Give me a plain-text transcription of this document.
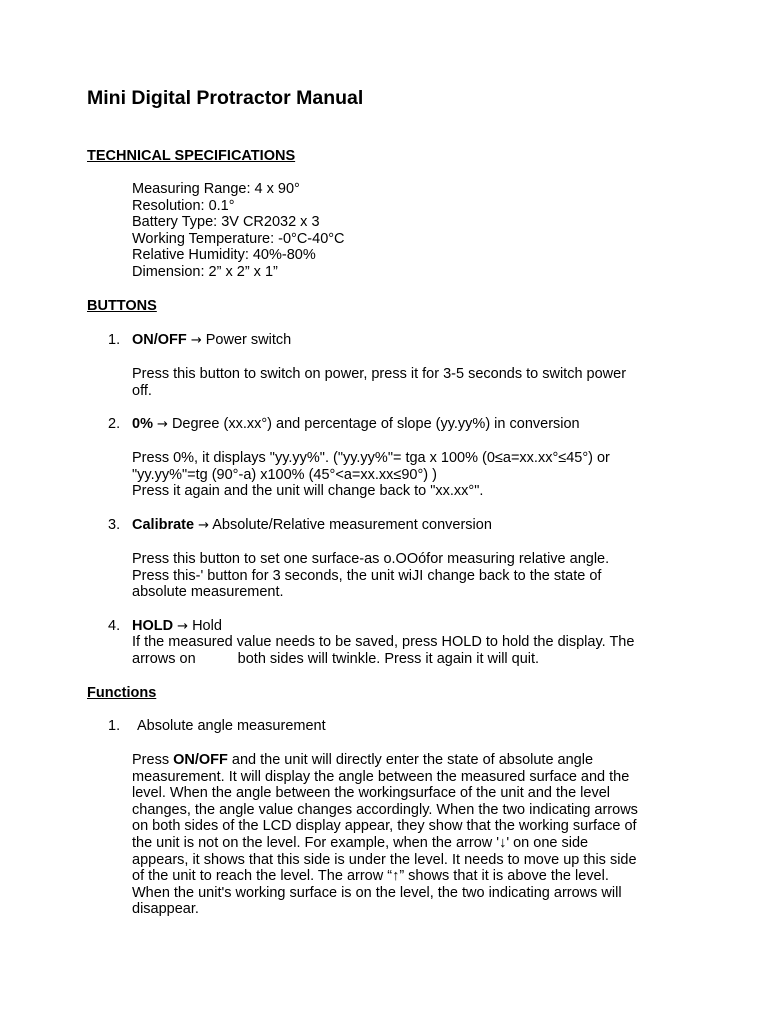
Mini Digital Protractor Manual
TECHNICAL SPECIFICATIONS
Measuring Range: 4 x 90°
Resolution: 0.1°
Battery Type: 3V CR2032 x 3
Working Temperature: -0°C-40°C
Relative Humidity: 40%-80%
Dimension: 2” x 2” x 1”
BUTTONS
1. ON/OFF → Power switch
Press this button to switch on power, press it for 3-5 seconds to switch power
off.
2. 0% → Degree (xx.xx°) and percentage of slope (yy.yy%) in conversion
Press 0%, it displays "yy.yy%". ("yy.yy%"= tga x 100% (0≤a=xx.xx°≤45°) or
"yy.yy%"=tg (90°-a) x100% (45°<a=xx.xx≤90°) )
Press it again and the unit will change back to "xx.xx°".
3. Calibrate → Absolute/Relative measurement conversion
Press this button to set one surface-as o.OOófor measuring relative angle.
Press this-' button for 3 seconds, the unit wiJI change back to the state of
absolute measurement.
4. HOLD → Hold
If the measured value needs to be saved, press HOLD to hold the display. The
arrows on	both sides will twinkle. Press it again it will quit.
Functions
1. Absolute angle measurement
Press ON/OFF and the unit will directly enter the state of absolute angle
measurement. It will display the angle between the measured surface and the
level. When the angle between the workingsurface of the unit and the level
changes, the angle value changes accordingly. When the two indicating arrows
on both sides of the LCD display appear, they show that the working surface of
the unit is not on the level. For example, when the arrow '↓' on one side
appears, it shows that this side is under the level. It needs to move up this side
of the unit to reach the level. The arrow “↑” shows that it is above the level.
When the unit's working surface is on the level, the two indicating arrows will
disappear.
